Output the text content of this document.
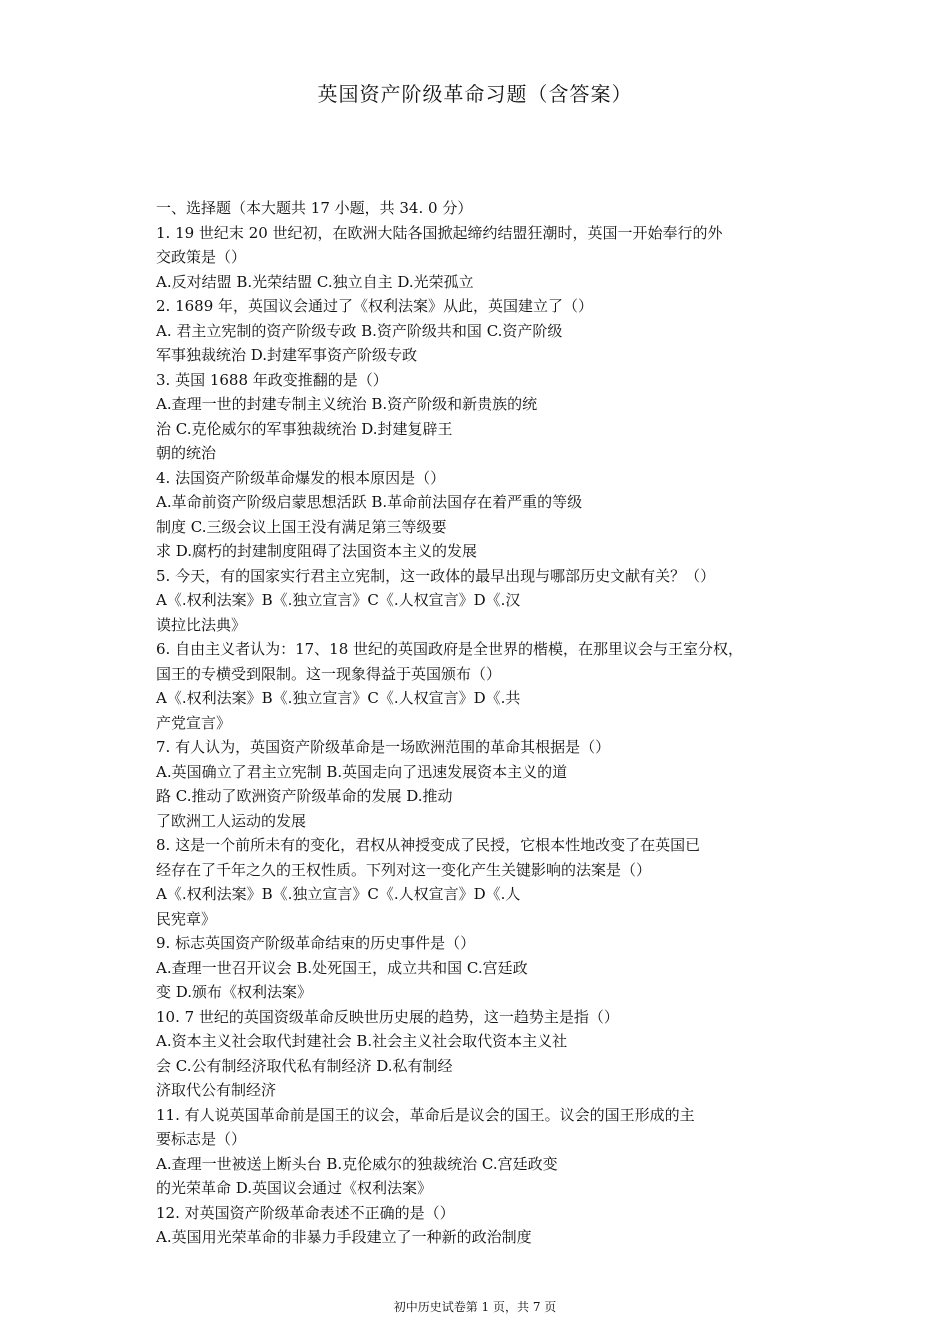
英国资产阶级革命习题（含答案）
一、选择题（本大题共 17 小题，共 34. 0 分）
1. 19 世纪末 20 世纪初，在欧洲大陆各国掀起缔约结盟狂潮时，英国一开始奉行的外
交政策是（）
A.反对结盟 B.光荣结盟 C.独立自主 D.光荣孤立
2. 1689 年，英国议会通过了《权利法案》从此，英国建立了（）
A. 君主立宪制的资产阶级专政 B.资产阶级共和国 C.资产阶级
军事独裁统治 D.封建军事资产阶级专政
3. 英国 1688 年政变推翻的是（）
A.查理一世的封建专制主义统治 B.资产阶级和新贵族的统
治 C.克伦威尔的军事独裁统治 D.封建复辟王
朝的统治
4. 法国资产阶级革命爆发的根本原因是（）
A.革命前资产阶级启蒙思想活跃 B.革命前法国存在着严重的等级
制度 C.三级会议上国王没有满足第三等级要
求 D.腐朽的封建制度阻碍了法国资本主义的发展
5. 今天，有的国家实行君主立宪制，这一政体的最早出现与哪部历史文献有关？（）
A《.权利法案》B《.独立宣言》C《.人权宣言》D《.汉
谟拉比法典》
6. 自由主义者认为：17、18 世纪的英国政府是全世界的楷模，在那里议会与王室分权，
国王的专横受到限制。这一现象得益于英国颁布（）
A《.权利法案》B《.独立宣言》C《.人权宣言》D《.共
产党宣言》
7. 有人认为，英国资产阶级革命是一场欧洲范围的革命其根据是（）
A.英国确立了君主立宪制 B.英国走向了迅速发展资本主义的道
路 C.推动了欧洲资产阶级革命的发展 D.推动
了欧洲工人运动的发展
8. 这是一个前所未有的变化，君权从神授变成了民授，它根本性地改变了在英国已
经存在了千年之久的王权性质。下列对这一变化产生关键影响的法案是（）
A《.权利法案》B《.独立宣言》C《.人权宣言》D《.人
民宪章》
9. 标志英国资产阶级革命结束的历史事件是（）
A.查理一世召开议会 B.处死国王，成立共和国 C.宫廷政
变 D.颁布《权利法案》
10. 7 世纪的英国资级革命反映世历史展的趋势，这一趋势主是指（）
A.资本主义社会取代封建社会 B.社会主义社会取代资本主义社
会 C.公有制经济取代私有制经济 D.私有制经
济取代公有制经济
11. 有人说英国革命前是国王的议会，革命后是议会的国王。议会的国王形成的主
要标志是（）
A.查理一世被送上断头台 B.克伦威尔的独裁统治 C.宫廷政变
的光荣革命 D.英国议会通过《权利法案》
12. 对英国资产阶级革命表述不正确的是（）
A.英国用光荣革命的非暴力手段建立了一种新的政治制度
初中历史试卷第 1 页，共 7 页
